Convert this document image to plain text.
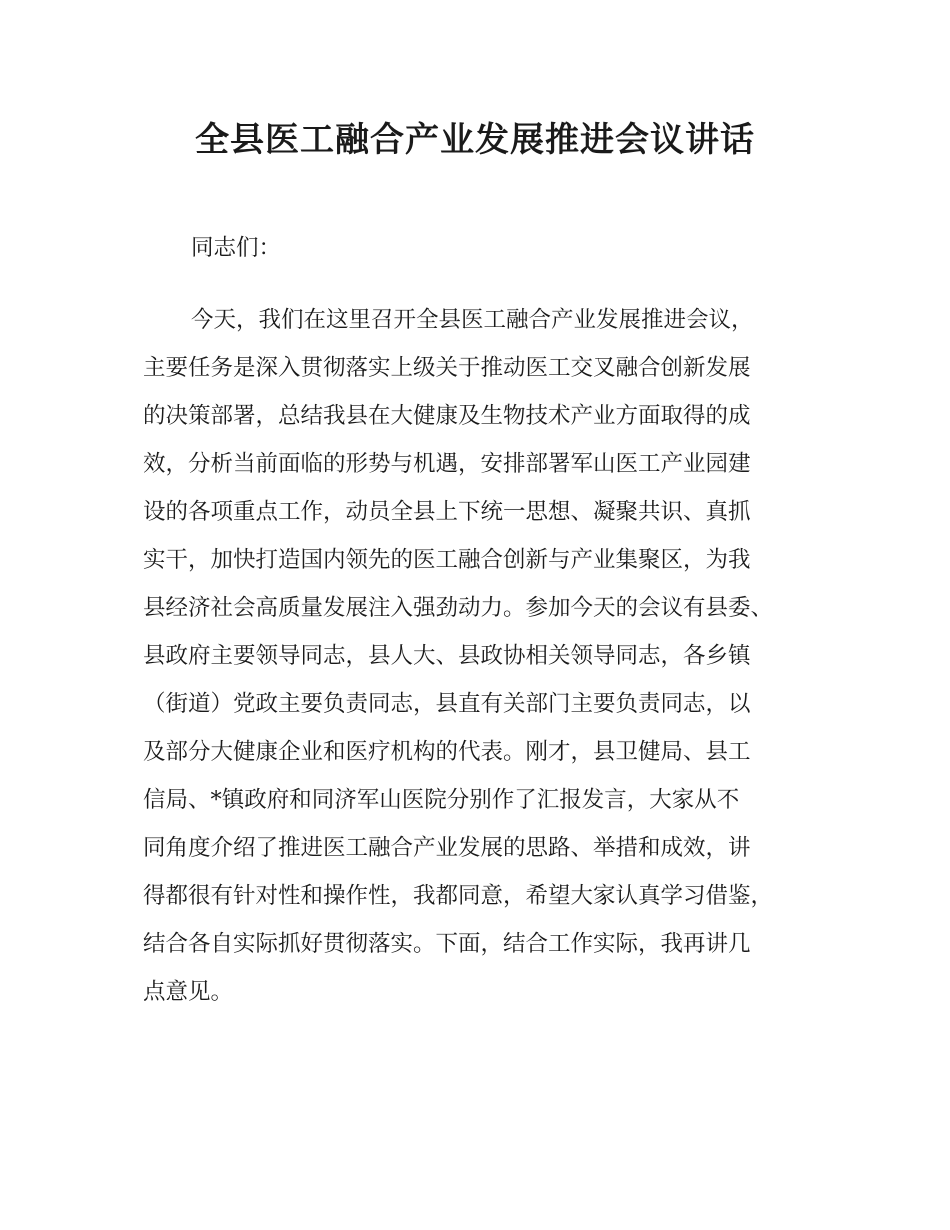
全县医工融合产业发展推进会议讲话
同志们：
今天，我们在这里召开全县医工融合产业发展推进会议，
主要任务是深入贯彻落实上级关于推动医工交叉融合创新发展
的决策部署，总结我县在大健康及生物技术产业方面取得的成
效，分析当前面临的形势与机遇，安排部署军山医工产业园建
设的各项重点工作，动员全县上下统一思想、凝聚共识、真抓
实干，加快打造国内领先的医工融合创新与产业集聚区，为我
县经济社会高质量发展注入强劲动力。参加今天的会议有县委、
县政府主要领导同志，县人大、县政协相关领导同志，各乡镇
（街道）党政主要负责同志，县直有关部门主要负责同志，以
及部分大健康企业和医疗机构的代表。刚才，县卫健局、县工
信局、*镇政府和同济军山医院分别作了汇报发言，大家从不
同角度介绍了推进医工融合产业发展的思路、举措和成效，讲
得都很有针对性和操作性，我都同意，希望大家认真学习借鉴，
结合各自实际抓好贯彻落实。下面，结合工作实际，我再讲几
点意见。
